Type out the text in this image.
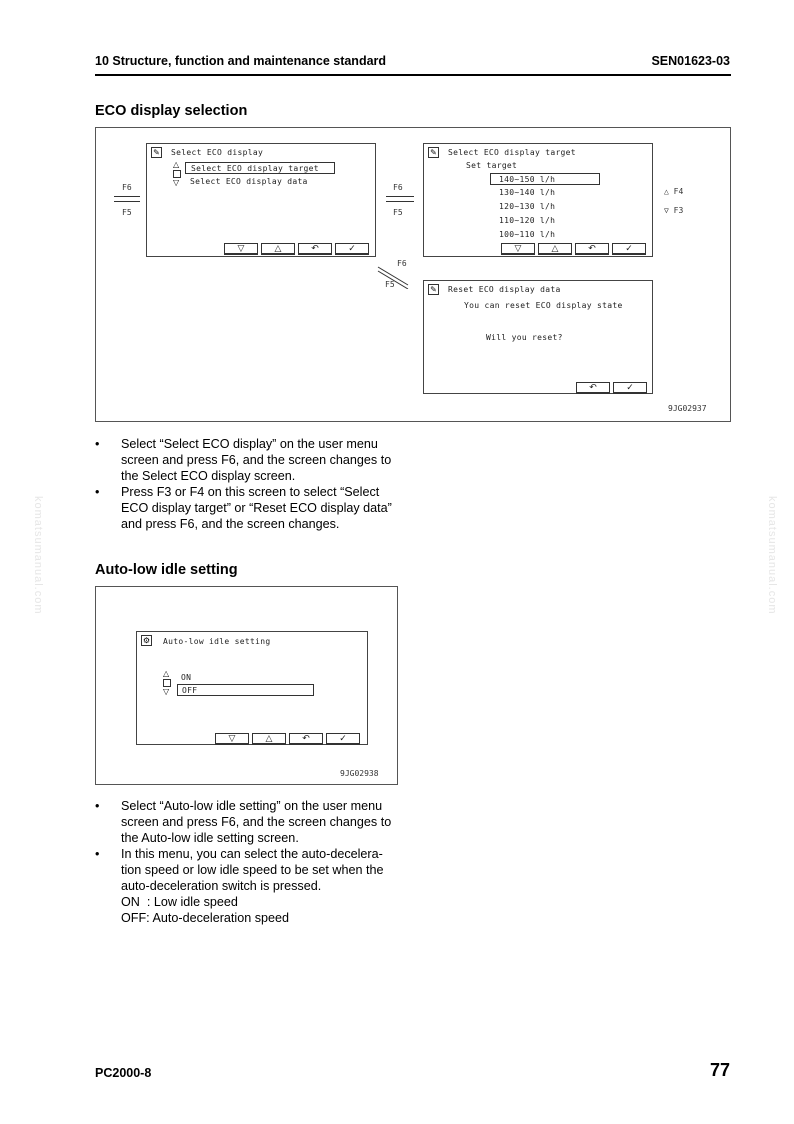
10 Structure, function and maintenance standard	SEN01623-03
komatsumanual.com	komatsumanual.com
ECO display selection
✎ Select ECO display
△
▽
Select ECO display target
Select ECO display data
▽	△	↶	✓
F6
F5
F6
F5
✎ Select ECO display target
Set target
140~150 l/h
130~140 l/h
120~130 l/h
110~120 l/h
100~110 l/h
▽	△	↶	✓
△ F4
▽ F3
F6
F5
✎ Reset ECO display data
You can reset ECO display state
Will you reset?
↶	✓
9JG02937
• Select “Select ECO display” on the user menu screen and press F6, and the screen changes to the Select ECO display screen.
• Press F3 or F4 on this screen to select “Select ECO display target” or “Reset ECO display data” and press F6, and the screen changes.
Auto-low idle setting
⚙ Auto-low idle setting
△
▽
ON
OFF
▽	△	↶	✓
9JG02938
• Select “Auto-low idle setting” on the user menu screen and press F6, and the screen changes to the Auto-low idle setting screen.
• In this menu, you can select the auto-decelera-tion speed or low idle speed to be set when the auto-deceleration switch is pressed.
ON  : Low idle speed
OFF: Auto-deceleration speed
PC2000-8	77
